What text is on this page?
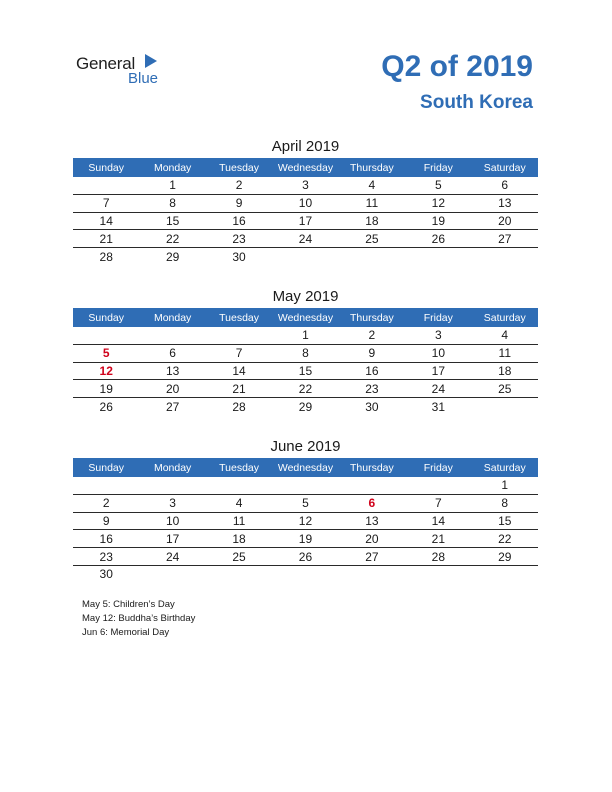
General
Blue	Q2 of 2019
South Korea
April 2019
Sunday	Monday	Tuesday	Wednesday	Thursday	Friday	Saturday
	1	2	3	4	5	6
7	8	9	10	11	12	13
14	15	16	17	18	19	20
21	22	23	24	25	26	27
28	29	30				
May 2019
Sunday	Monday	Tuesday	Wednesday	Thursday	Friday	Saturday
			1	2	3	4
5	6	7	8	9	10	11
12	13	14	15	16	17	18
19	20	21	22	23	24	25
26	27	28	29	30	31	
June 2019
Sunday	Monday	Tuesday	Wednesday	Thursday	Friday	Saturday
						1
2	3	4	5	6	7	8
9	10	11	12	13	14	15
16	17	18	19	20	21	22
23	24	25	26	27	28	29
30						
May 5: Children’s Day
May 12: Buddha’s Birthday
Jun 6: Memorial Day
